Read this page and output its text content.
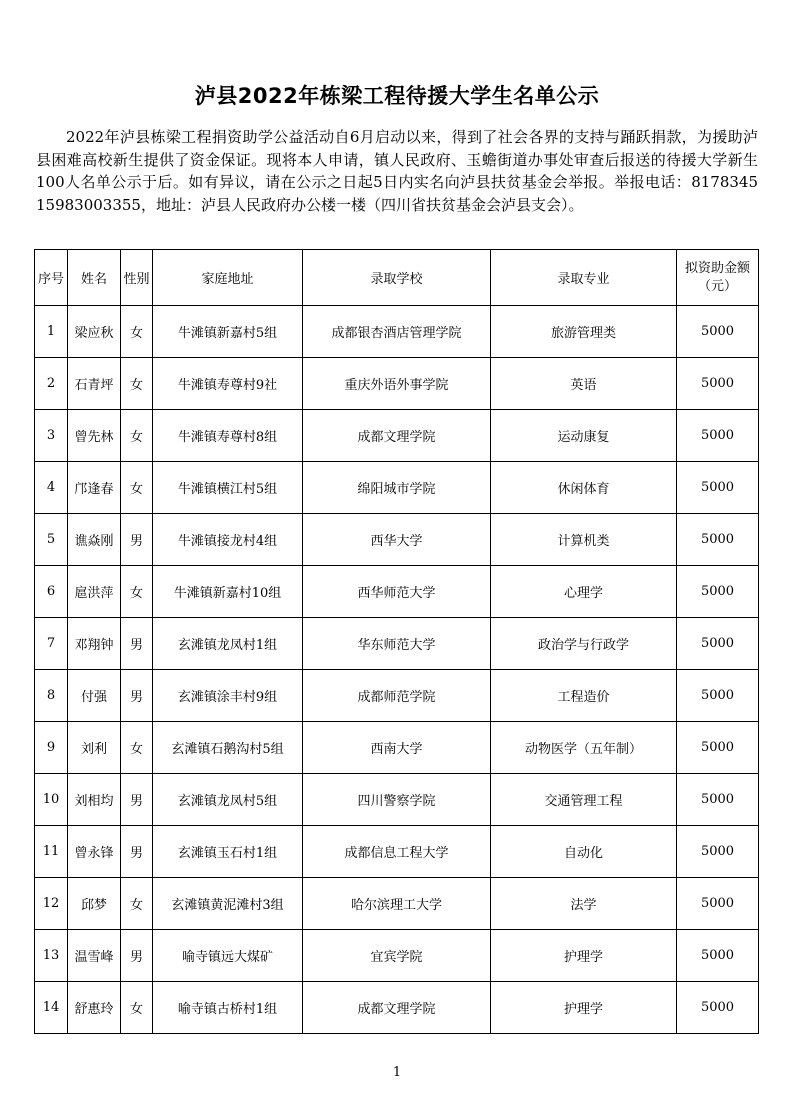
泸县2022年栋梁工程待援大学生名单公示
2022年泸县栋梁工程捐资助学公益活动自6月启动以来，得到了社会各界的支持与踊跃捐款，为援助泸县困难高校新生提供了资金保证。现将本人申请，镇人民政府、玉蟾街道办事处审查后报送的待援大学新生100人名单公示于后。如有异议，请在公示之日起5日内实名向泸县扶贫基金会举报。举报电话：8178345 15983003355，地址：泸县人民政府办公楼一楼（四川省扶贫基金会泸县支会）。
序号	姓名	性别	家庭地址	录取学校	录取专业	拟资助金额（元）
1	梁应秋	女	牛滩镇新嘉村5组	成都银杏酒店管理学院	旅游管理类	5000
2	石青坪	女	牛滩镇寿尊村9社	重庆外语外事学院	英语	5000
3	曾先林	女	牛滩镇寿尊村8组	成都文理学院	运动康复	5000
4	邝逢春	女	牛滩镇横江村5组	绵阳城市学院	休闲体育	5000
5	谯焱刚	男	牛滩镇接龙村4组	西华大学	计算机类	5000
6	扈洪萍	女	牛滩镇新嘉村10组	西华师范大学	心理学	5000
7	邓翔钟	男	玄滩镇龙凤村1组	华东师范大学	政治学与行政学	5000
8	付强	男	玄滩镇涂丰村9组	成都师范学院	工程造价	5000
9	刘利	女	玄滩镇石鹅沟村5组	西南大学	动物医学（五年制）	5000
10	刘相均	男	玄滩镇龙凤村5组	四川警察学院	交通管理工程	5000
11	曾永锋	男	玄滩镇玉石村1组	成都信息工程大学	自动化	5000
12	邱梦	女	玄滩镇黄泥滩村3组	哈尔滨理工大学	法学	5000
13	温雪峰	男	喻寺镇远大煤矿	宜宾学院	护理学	5000
14	舒惠玲	女	喻寺镇古桥村1组	成都文理学院	护理学	5000
1
